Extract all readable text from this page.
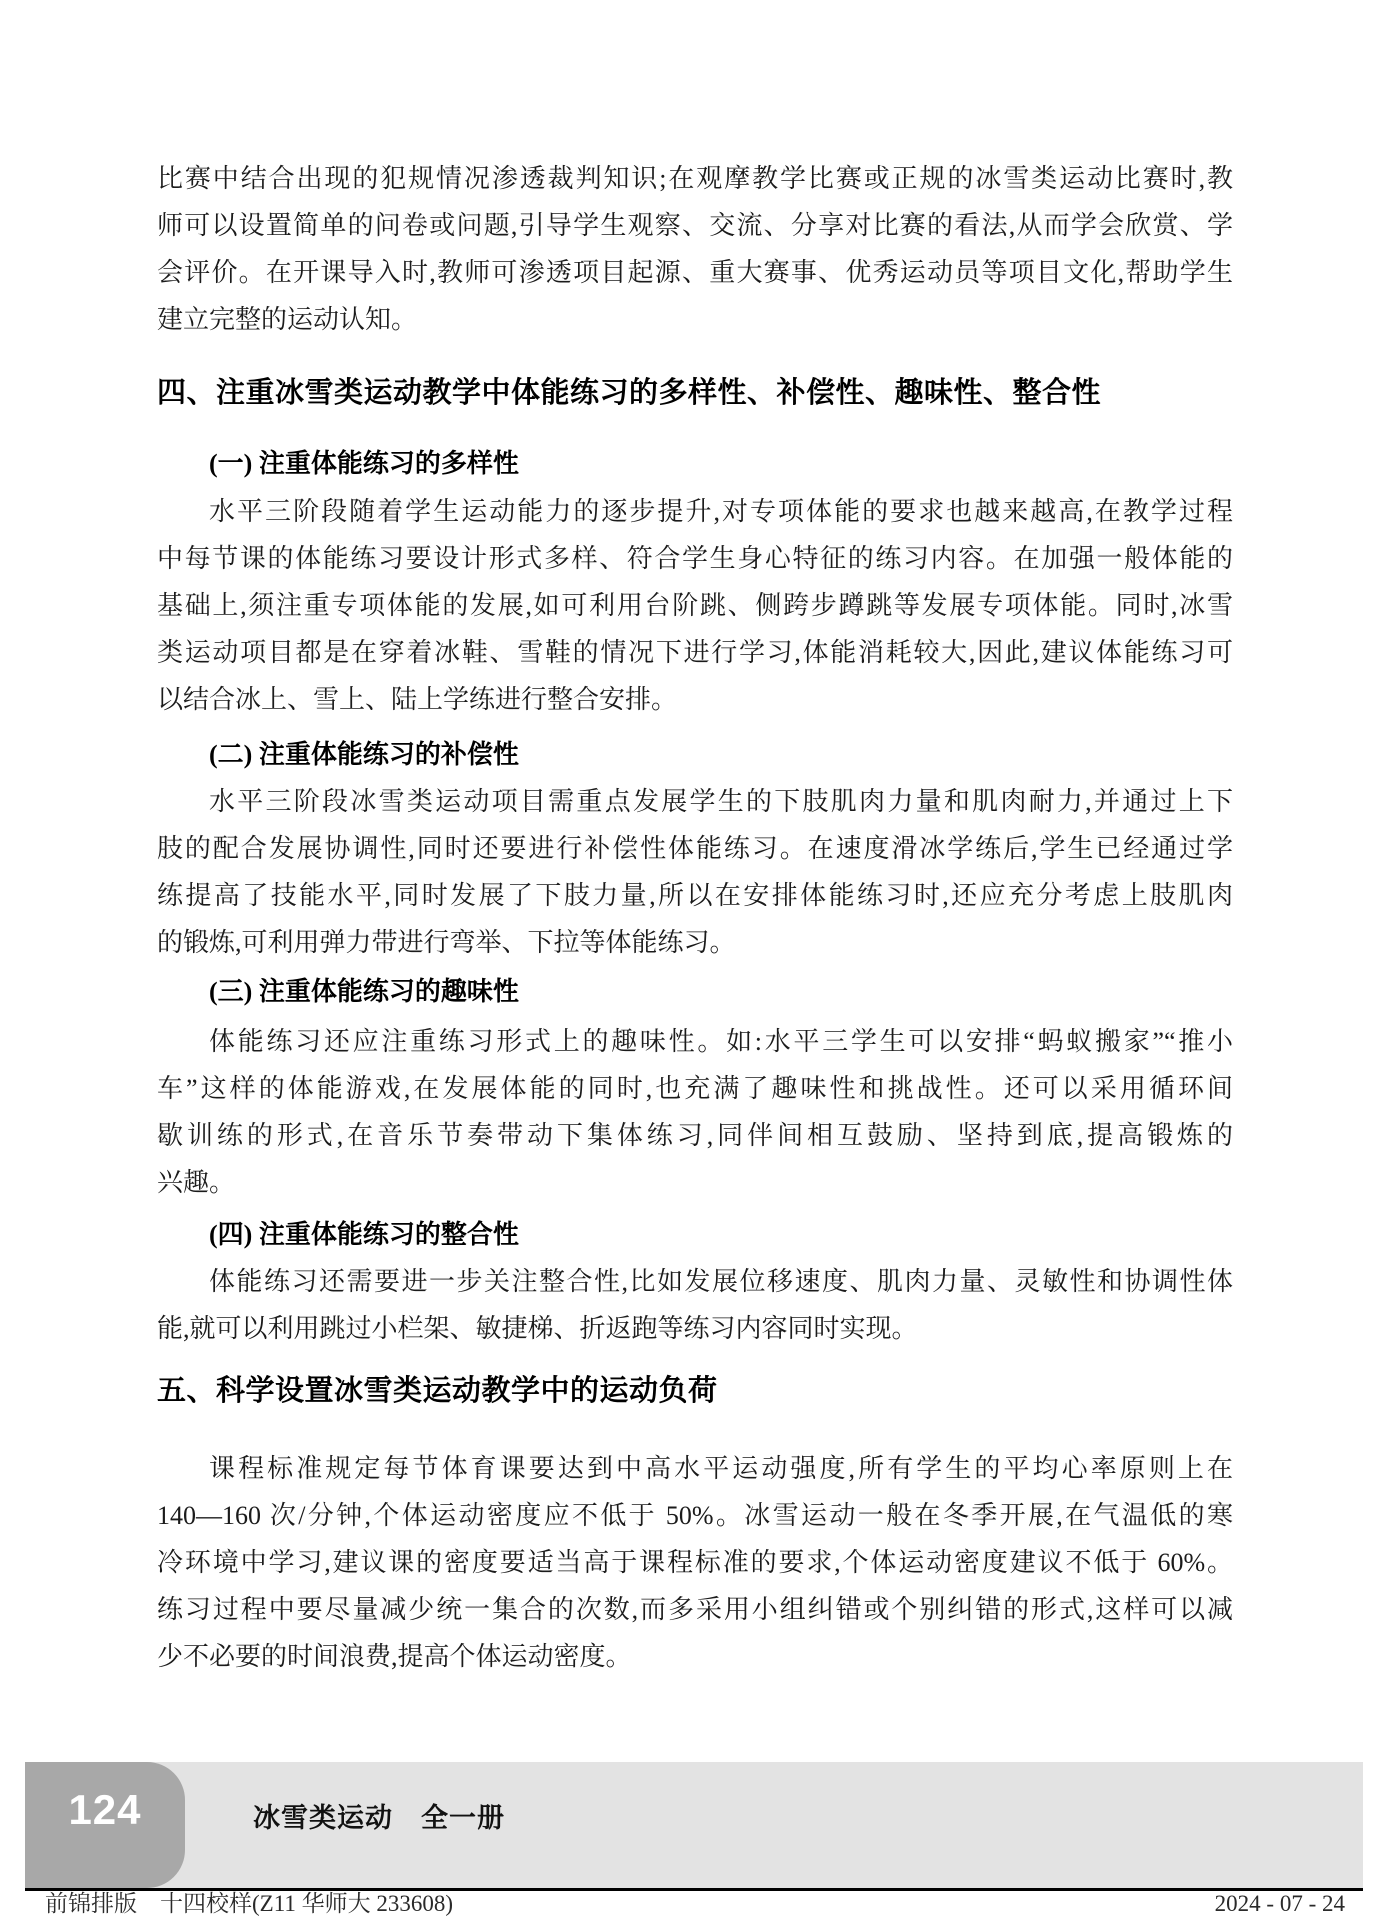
比赛中结合出现的犯规情况渗透裁判知识;在观摩教学比赛或正规的冰雪类运动比赛时,教
师可以设置简单的问卷或问题,引导学生观察、交流、分享对比赛的看法,从而学会欣赏、学
会评价。在开课导入时,教师可渗透项目起源、重大赛事、优秀运动员等项目文化,帮助学生
建立完整的运动认知。
四、注重冰雪类运动教学中体能练习的多样性、补偿性、趣味性、整合性
(一) 注重体能练习的多样性
水平三阶段随着学生运动能力的逐步提升,对专项体能的要求也越来越高,在教学过程
中每节课的体能练习要设计形式多样、符合学生身心特征的练习内容。在加强一般体能的
基础上,须注重专项体能的发展,如可利用台阶跳、侧跨步蹲跳等发展专项体能。同时,冰雪
类运动项目都是在穿着冰鞋、雪鞋的情况下进行学习,体能消耗较大,因此,建议体能练习可
以结合冰上、雪上、陆上学练进行整合安排。
(二) 注重体能练习的补偿性
水平三阶段冰雪类运动项目需重点发展学生的下肢肌肉力量和肌肉耐力,并通过上下
肢的配合发展协调性,同时还要进行补偿性体能练习。在速度滑冰学练后,学生已经通过学
练提高了技能水平,同时发展了下肢力量,所以在安排体能练习时,还应充分考虑上肢肌肉
的锻炼,可利用弹力带进行弯举、下拉等体能练习。
(三) 注重体能练习的趣味性
体能练习还应注重练习形式上的趣味性。如:水平三学生可以安排“蚂蚁搬家”“推小
车”这样的体能游戏,在发展体能的同时,也充满了趣味性和挑战性。还可以采用循环间
歇训练的形式,在音乐节奏带动下集体练习,同伴间相互鼓励、坚持到底,提高锻炼的
兴趣。
(四) 注重体能练习的整合性
体能练习还需要进一步关注整合性,比如发展位移速度、肌肉力量、灵敏性和协调性体
能,就可以利用跳过小栏架、敏捷梯、折返跑等练习内容同时实现。
五、科学设置冰雪类运动教学中的运动负荷
课程标准规定每节体育课要达到中高水平运动强度,所有学生的平均心率原则上在
140—160 次/分钟,个体运动密度应不低于 50%。冰雪运动一般在冬季开展,在气温低的寒
冷环境中学习,建议课的密度要适当高于课程标准的要求,个体运动密度建议不低于 60%。
练习过程中要尽量减少统一集合的次数,而多采用小组纠错或个别纠错的形式,这样可以减
少不必要的时间浪费,提高个体运动密度。
124	冰雪类运动　全一册
前锦排版　十四校样(Z11 华师大 233608)	2024 - 07 - 24
